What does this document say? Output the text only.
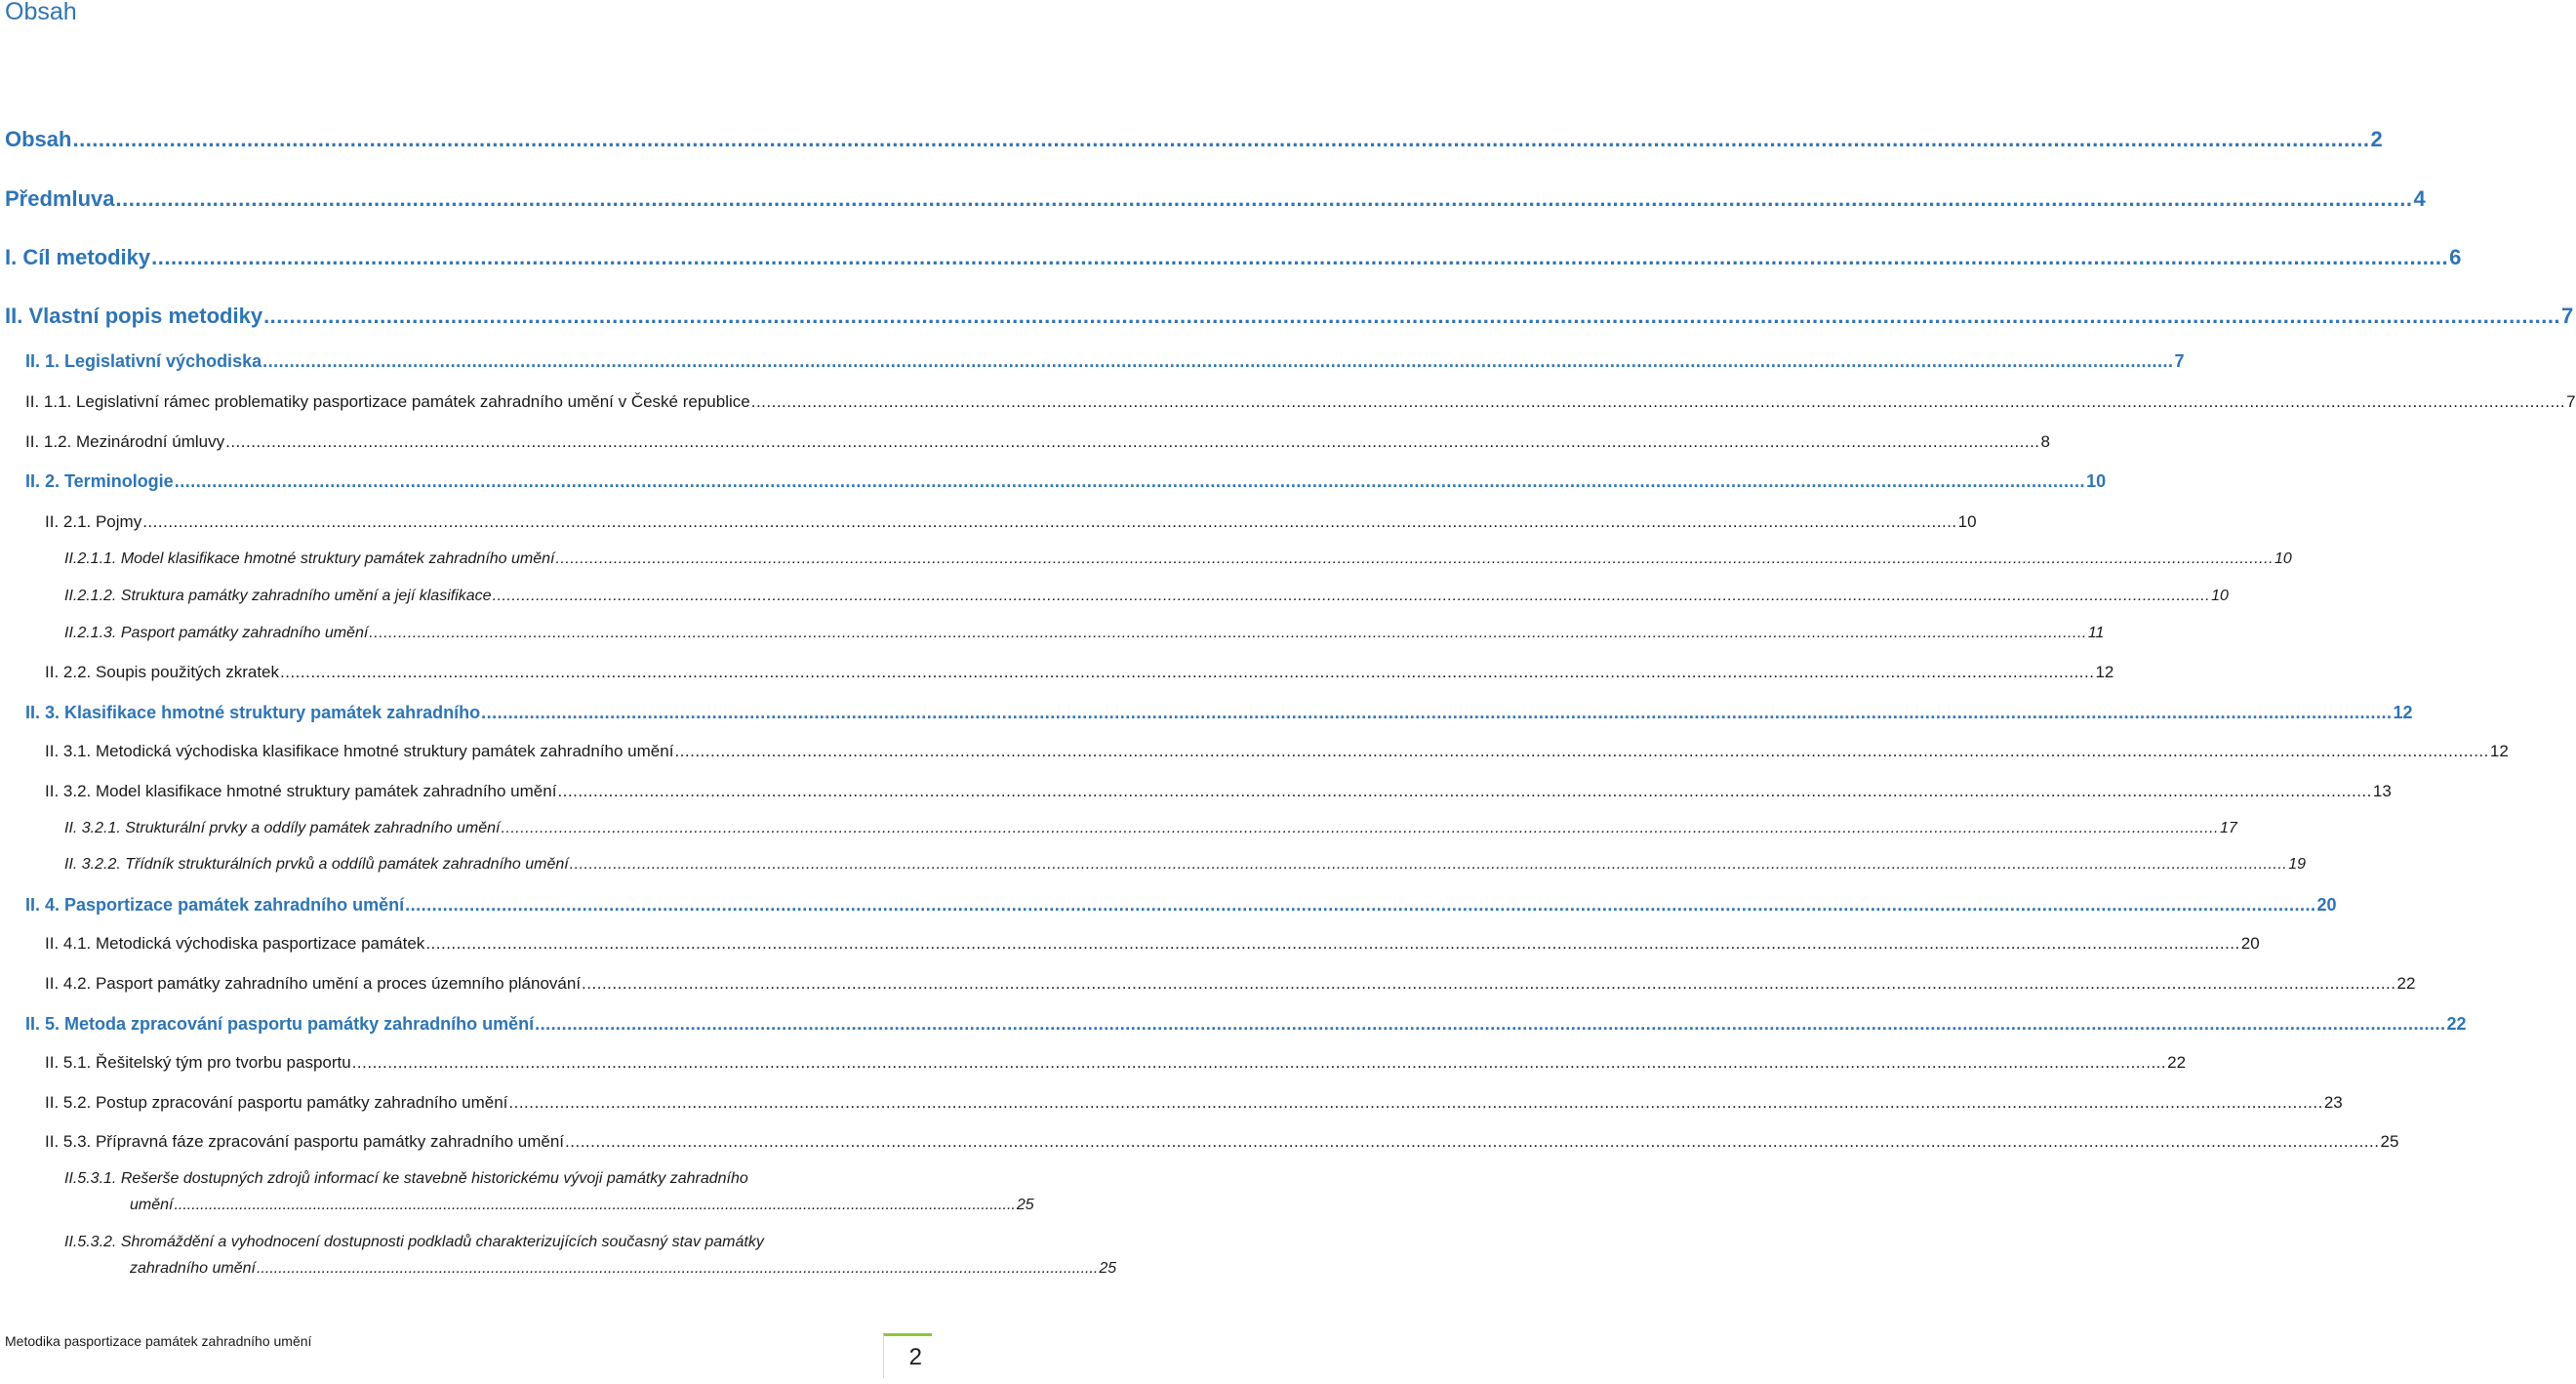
Obsah
Obsah .....	2
Předmluva .....	4
I. Cíl metodiky .....	6
II. Vlastní popis metodiky .....	7
II. 1. Legislativní východiska .....	7
II. 1.1. Legislativní rámec problematiky pasportizace památek zahradního umění v České republice .....	7
II. 1.2. Mezinárodní úmluvy .....	8
II. 2. Terminologie .....	10
II. 2.1. Pojmy .....	10
II.2.1.1. Model klasifikace hmotné struktury památek zahradního umění .....	10
II.2.1.2. Struktura památky zahradního umění a její klasifikace .....	10
II.2.1.3. Pasport památky zahradního umění .....	11
II. 2.2. Soupis použitých zkratek .....	12
II. 3. Klasifikace hmotné struktury památek zahradního .....	12
II. 3.1. Metodická východiska klasifikace hmotné struktury památek zahradního umění .....	12
II. 3.2. Model klasifikace hmotné struktury památek zahradního umění .....	13
II. 3.2.1. Strukturální prvky a oddíly památek zahradního umění .....	17
II. 3.2.2. Třídník strukturálních prvků a oddílů památek zahradního umění .....	19
II. 4. Pasportizace památek zahradního umění .....	20
II. 4.1. Metodická východiska pasportizace památek .....	20
II. 4.2. Pasport památky zahradního umění a proces územního plánování .....	22
II. 5. Metoda zpracování pasportu památky zahradního umění .....	22
II. 5.1. Řešitelský tým pro tvorbu pasportu .....	22
II. 5.2. Postup zpracování pasportu památky zahradního umění .....	23
II. 5.3. Přípravná fáze zpracování pasportu památky zahradního umění .....	25
II.5.3.1. Rešerše dostupných zdrojů informací ke stavebně historickému vývoji památky zahradního
umění .................................................................................................................................................................................................. 25
II.5.3.2. Shromáždění a vyhodnocení dostupnosti podkladů charakterizujících současný stav památky
zahradního umění .................................................................................................................................................................................................. 25
Metodika pasportizace památek zahradního umění
2
